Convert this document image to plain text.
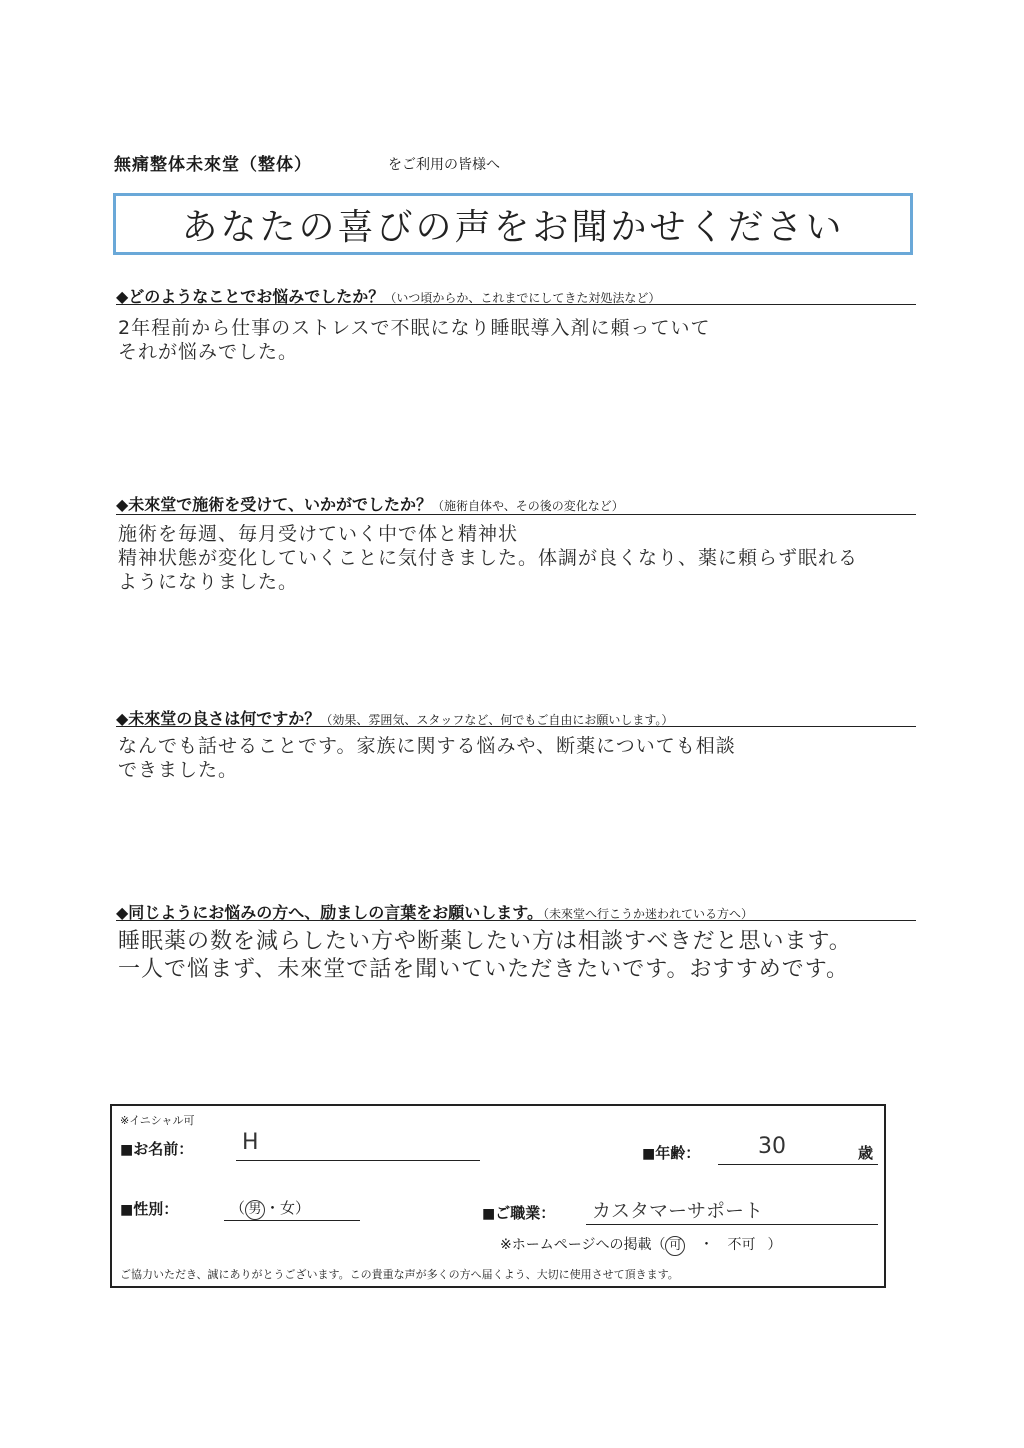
無痛整体未來堂（整体）	をご利用の皆様へ
あなたの喜びの声をお聞かせください
◆どのようなことでお悩みでしたか？（いつ頃からか、これまでにしてきた対処法など）
2年程前から仕事のストレスで不眠になり睡眠導入剤に頼っていて
それが悩みでした。
◆未來堂で施術を受けて、いかがでしたか？（施術自体や、その後の変化など）
施術を毎週、毎月受けていく中で体と精神状
精神状態が変化していくことに気付きました。体調が良くなり、薬に頼らず眠れる
ようになりました。
◆未來堂の良さは何ですか？（効果、雰囲気、スタッフなど、何でもご自由にお願いします。）
なんでも話せることです。家族に関する悩みや、断薬についても相談
できました。
◆同じようにお悩みの方へ、励ましの言葉をお願いします。（未來堂へ行こうか迷われている方へ）
睡眠薬の数を減らしたい方や断薬したい方は相談すべきだと思います。
一人で悩まず、未來堂で話を聞いていただきたいです。おすすめです。
※イニシャル可
■お名前： H	■年齢：	30	歳
■性別：	（ 男 ・女）	■ご職業： カスタマーサポート
※ホームページへの掲載（ 可 ・ 不可 ）
ご協力いただき、誠にありがとうございます。この貴重な声が多くの方へ届くよう、大切に使用させて頂きます。
